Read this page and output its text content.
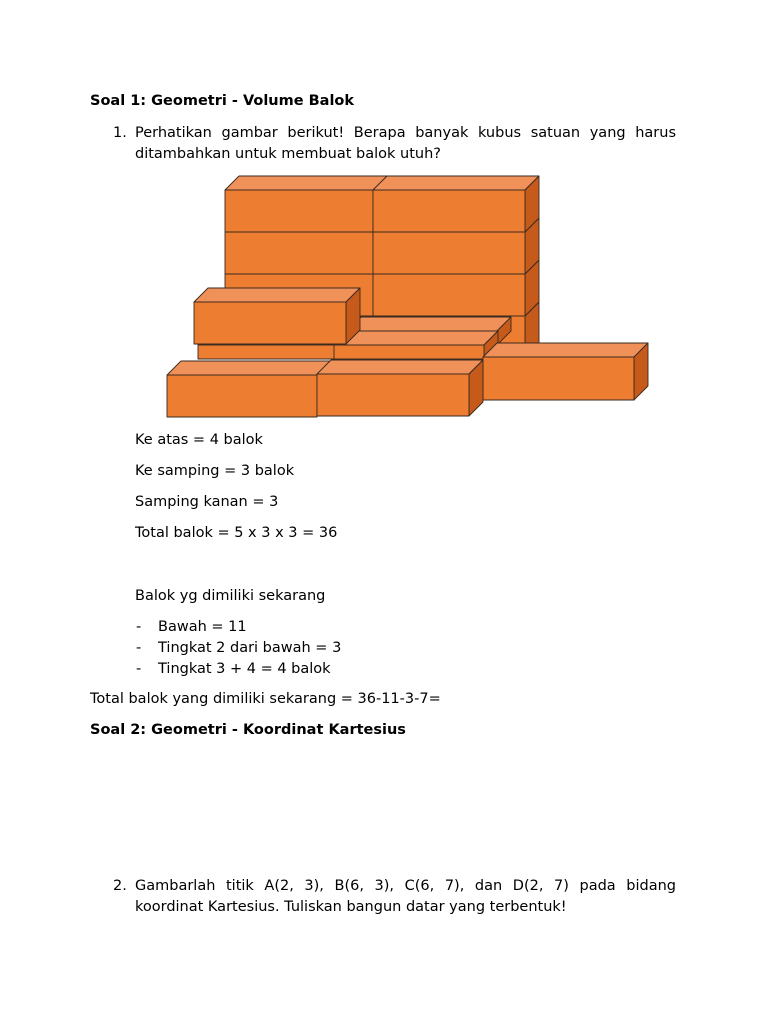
Soal 1: Geometri - Volume Balok
1. Perhatikan gambar berikut! Berapa banyak kubus satuan yang harus
ditambahkan untuk membuat balok utuh?
Ke atas = 4 balok
Ke samping = 3 balok
Samping kanan = 3
Total balok = 5 x 3 x 3 = 36
Balok yg dimiliki sekarang
- Bawah = 11
- Tingkat 2 dari bawah = 3
- Tingkat 3 + 4 = 4 balok
Total balok yang dimiliki sekarang = 36-11-3-7=
Soal 2: Geometri - Koordinat Kartesius
2. Gambarlah titik A(2, 3), B(6, 3), C(6, 7), dan D(2, 7) pada bidang
koordinat Kartesius. Tuliskan bangun datar yang terbentuk!
